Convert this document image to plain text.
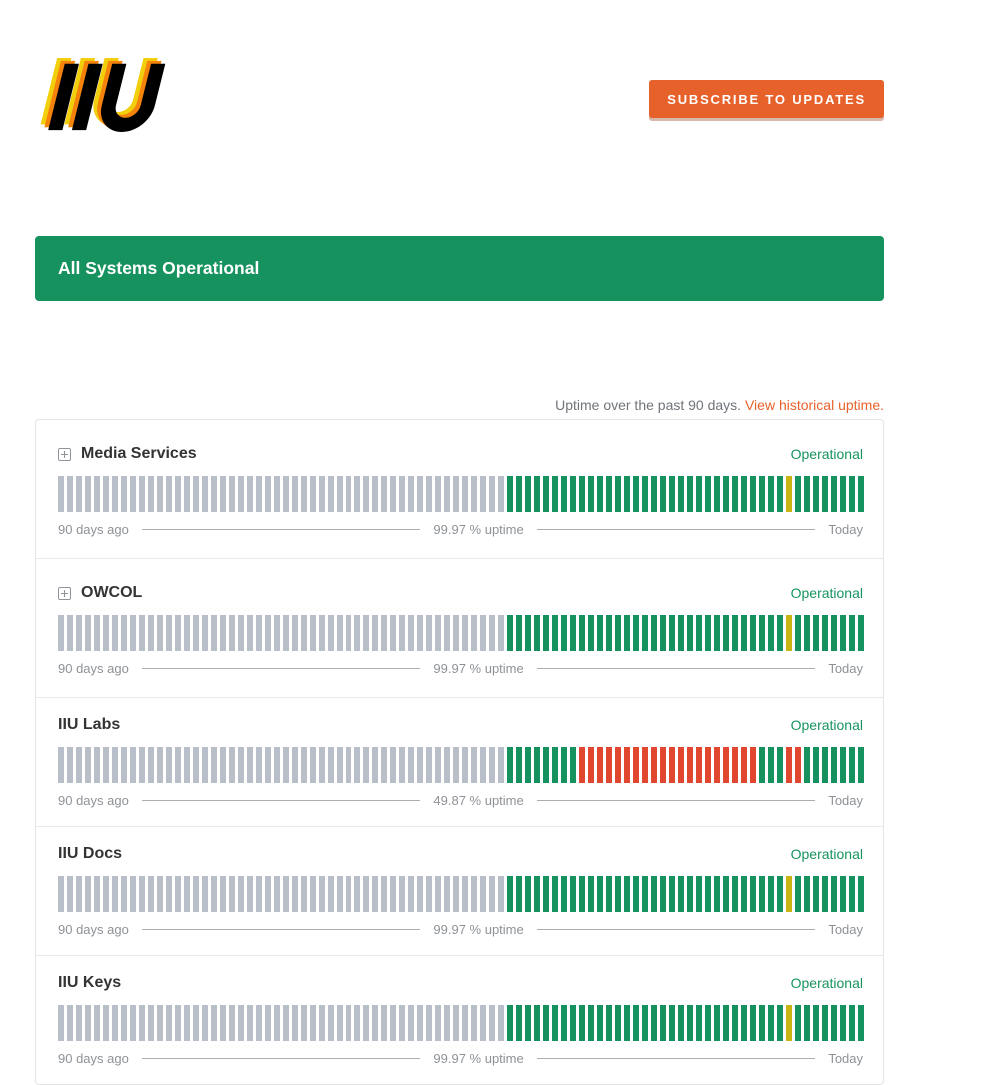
SUBSCRIBE TO UPDATES
All Systems Operational
Uptime over the past 90 days. View historical uptime.
Media Services	Operational
90 days ago	99.97 % uptime	Today
OWCOL	Operational
90 days ago	99.97 % uptime	Today
IIU Labs	Operational
90 days ago	49.87 % uptime	Today
IIU Docs	Operational
90 days ago	99.97 % uptime	Today
IIU Keys	Operational
90 days ago	99.97 % uptime	Today
